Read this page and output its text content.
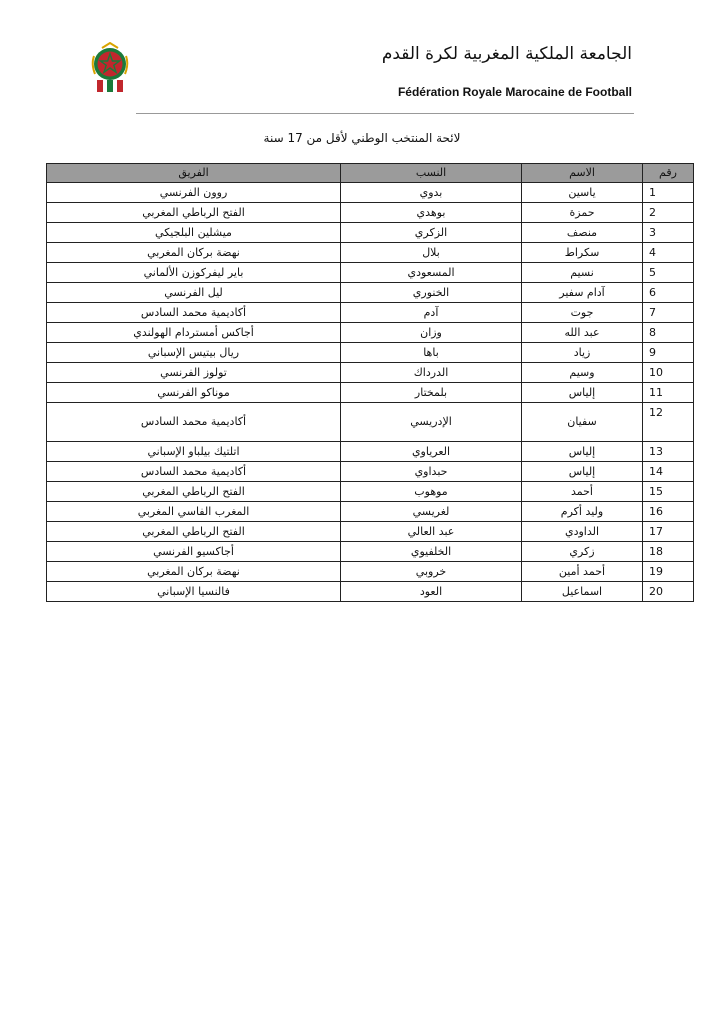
الجامعة الملكية المغربية لكرة القدم
Fédération Royale Marocaine de Football
لائحة المنتخب الوطني لأقل من 17 سنة
رقم	الاسم	النسب	الفريق
1	ياسين	بدوي	روون الفرنسي
2	حمزة	بوهدي	الفتح الرباطي المغربي
3	منصف	الزكري	ميشلين البلجيكي
4	سكراط	بلال	نهضة بركان المغربي
5	نسيم	المسعودي	باير ليفركوزن الألماني
6	آدام سفير	الخنوري	ليل الفرنسي
7	جوت	آدم	أكاديمية محمد السادس
8	عبد الله	وزان	أجاكس أمستردام الهولندي
9	زياد	باها	ريال بيتيس الإسباني
10	وسيم	الدرداك	تولوز الفرنسي
11	إلياس	بلمختار	موناكو الفرنسي
12	سفيان	الإدريسي	أكاديمية محمد السادس
13	إلياس	العرياوي	اتلتيك بيلباو الإسباني
14	إلياس	حبداوي	أكاديمية محمد السادس
15	أحمد	موهوب	الفتح الرباطي المغربي
16	وليد أكرم	لغريسي	المغرب الفاسي المغربي
17	الداودي	عبد العالي	الفتح الرباطي المغربي
18	زكري	الخلفيوي	أجاكسيو الفرنسي
19	أحمد أمين	خروبي	نهضة بركان المغربي
20	اسماعيل	العود	فالنسيا الإسباني
